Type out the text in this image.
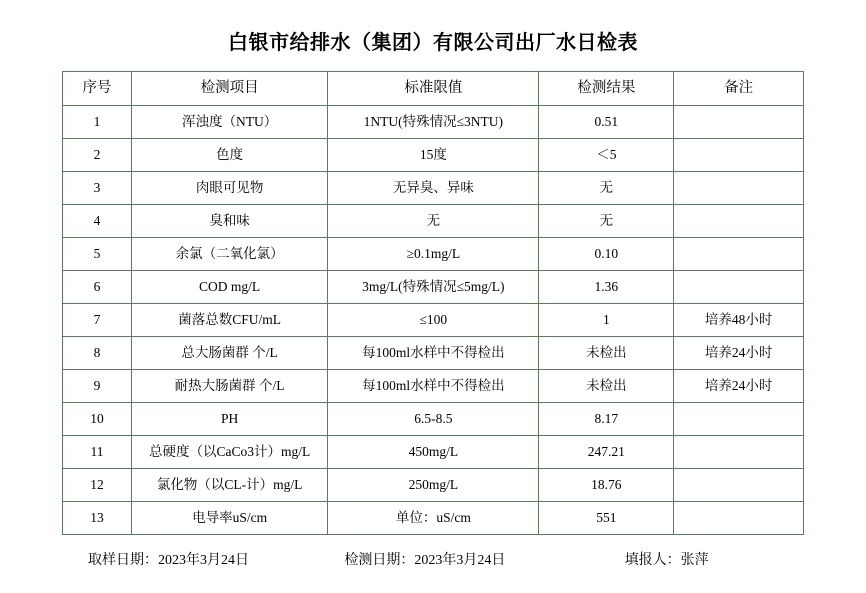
白银市给排水（集团）有限公司出厂水日检表
序号	检测项目	标准限值	检测结果	备注
1	浑浊度（NTU）	1NTU(特殊情况≤3NTU)	0.51	
2	色度	15度	＜5	
3	肉眼可见物	无异臭、异味	无	
4	臭和味	无	无	
5	余氯（二氧化氯）	≥0.1mg/L	0.10	
6	COD mg/L	3mg/L(特殊情况≤5mg/L)	1.36	
7	菌落总数CFU/mL	≤100	1	培养48小时
8	总大肠菌群 个/L	每100ml水样中不得检出	未检出	培养24小时
9	耐热大肠菌群 个/L	每100ml水样中不得检出	未检出	培养24小时
10	PH	6.5-8.5	8.17	
11	总硬度（以CaCo3计）mg/L	450mg/L	247.21	
12	氯化物（以CL-计）mg/L	250mg/L	18.76	
13	电导率uS/cm	单位：uS/cm	551	
取样日期：2023年3月24日	检测日期：2023年3月24日	填报人：张萍
